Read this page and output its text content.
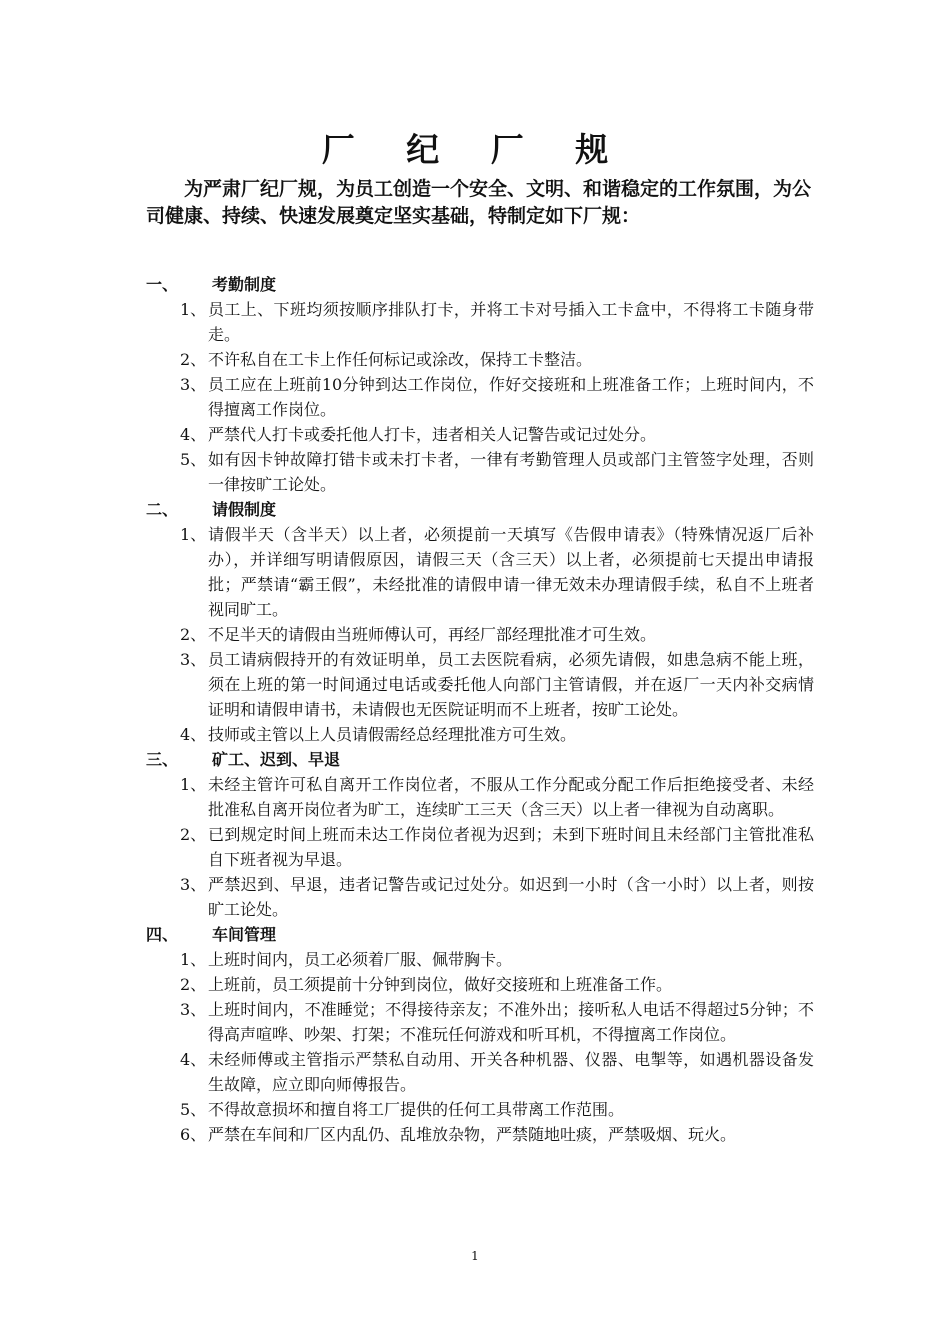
厂 纪 厂 规

为严肃厂纪厂规，为员工创造一个安全、文明、和谐稳定的工作氛围，为公司健康、持续、快速发展奠定坚实基础，特制定如下厂规：

一、	考勤制度
1、 员工上、下班均须按顺序排队打卡，并将工卡对号插入工卡盒中，不得将工卡随身带走。
2、 不许私自在工卡上作任何标记或涂改，保持工卡整洁。
3、 员工应在上班前10分钟到达工作岗位，作好交接班和上班准备工作；上班时间内，不得擅离工作岗位。
4、 严禁代人打卡或委托他人打卡，违者相关人记警告或记过处分。
5、 如有因卡钟故障打错卡或未打卡者，一律有考勤管理人员或部门主管签字处理，否则一律按旷工论处。
二、	请假制度
1、 请假半天（含半天）以上者，必须提前一天填写《告假申请表》（特殊情况返厂后补办），并详细写明请假原因，请假三天（含三天）以上者，必须提前七天提出申请报批；严禁请“霸王假”，未经批准的请假申请一律无效未办理请假手续，私自不上班者视同旷工。
2、 不足半天的请假由当班师傅认可，再经厂部经理批准才可生效。
3、 员工请病假持开的有效证明单，员工去医院看病，必须先请假，如患急病不能上班，须在上班的第一时间通过电话或委托他人向部门主管请假，并在返厂一天内补交病情证明和请假申请书，未请假也无医院证明而不上班者，按旷工论处。
4、 技师或主管以上人员请假需经总经理批准方可生效。
三、	矿工、迟到、早退
1、 未经主管许可私自离开工作岗位者，不服从工作分配或分配工作后拒绝接受者、未经批准私自离开岗位者为旷工，连续旷工三天（含三天）以上者一律视为自动离职。
2、 已到规定时间上班而未达工作岗位者视为迟到；未到下班时间且未经部门主管批准私自下班者视为早退。
3、 严禁迟到、早退，违者记警告或记过处分。如迟到一小时（含一小时）以上者，则按旷工论处。
四、	车间管理
1、 上班时间内，员工必须着厂服、佩带胸卡。
2、 上班前，员工须提前十分钟到岗位，做好交接班和上班准备工作。
3、 上班时间内，不准睡觉；不得接待亲友；不准外出；接听私人电话不得超过5分钟；不得高声喧哗、吵架、打架；不准玩任何游戏和听耳机，不得擅离工作岗位。
4、 未经师傅或主管指示严禁私自动用、开关各种机器、仪器、电掣等，如遇机器设备发生故障，应立即向师傅报告。
5、 不得故意损坏和擅自将工厂提供的任何工具带离工作范围。
6、 严禁在车间和厂区内乱仍、乱堆放杂物，严禁随地吐痰，严禁吸烟、玩火。
1
